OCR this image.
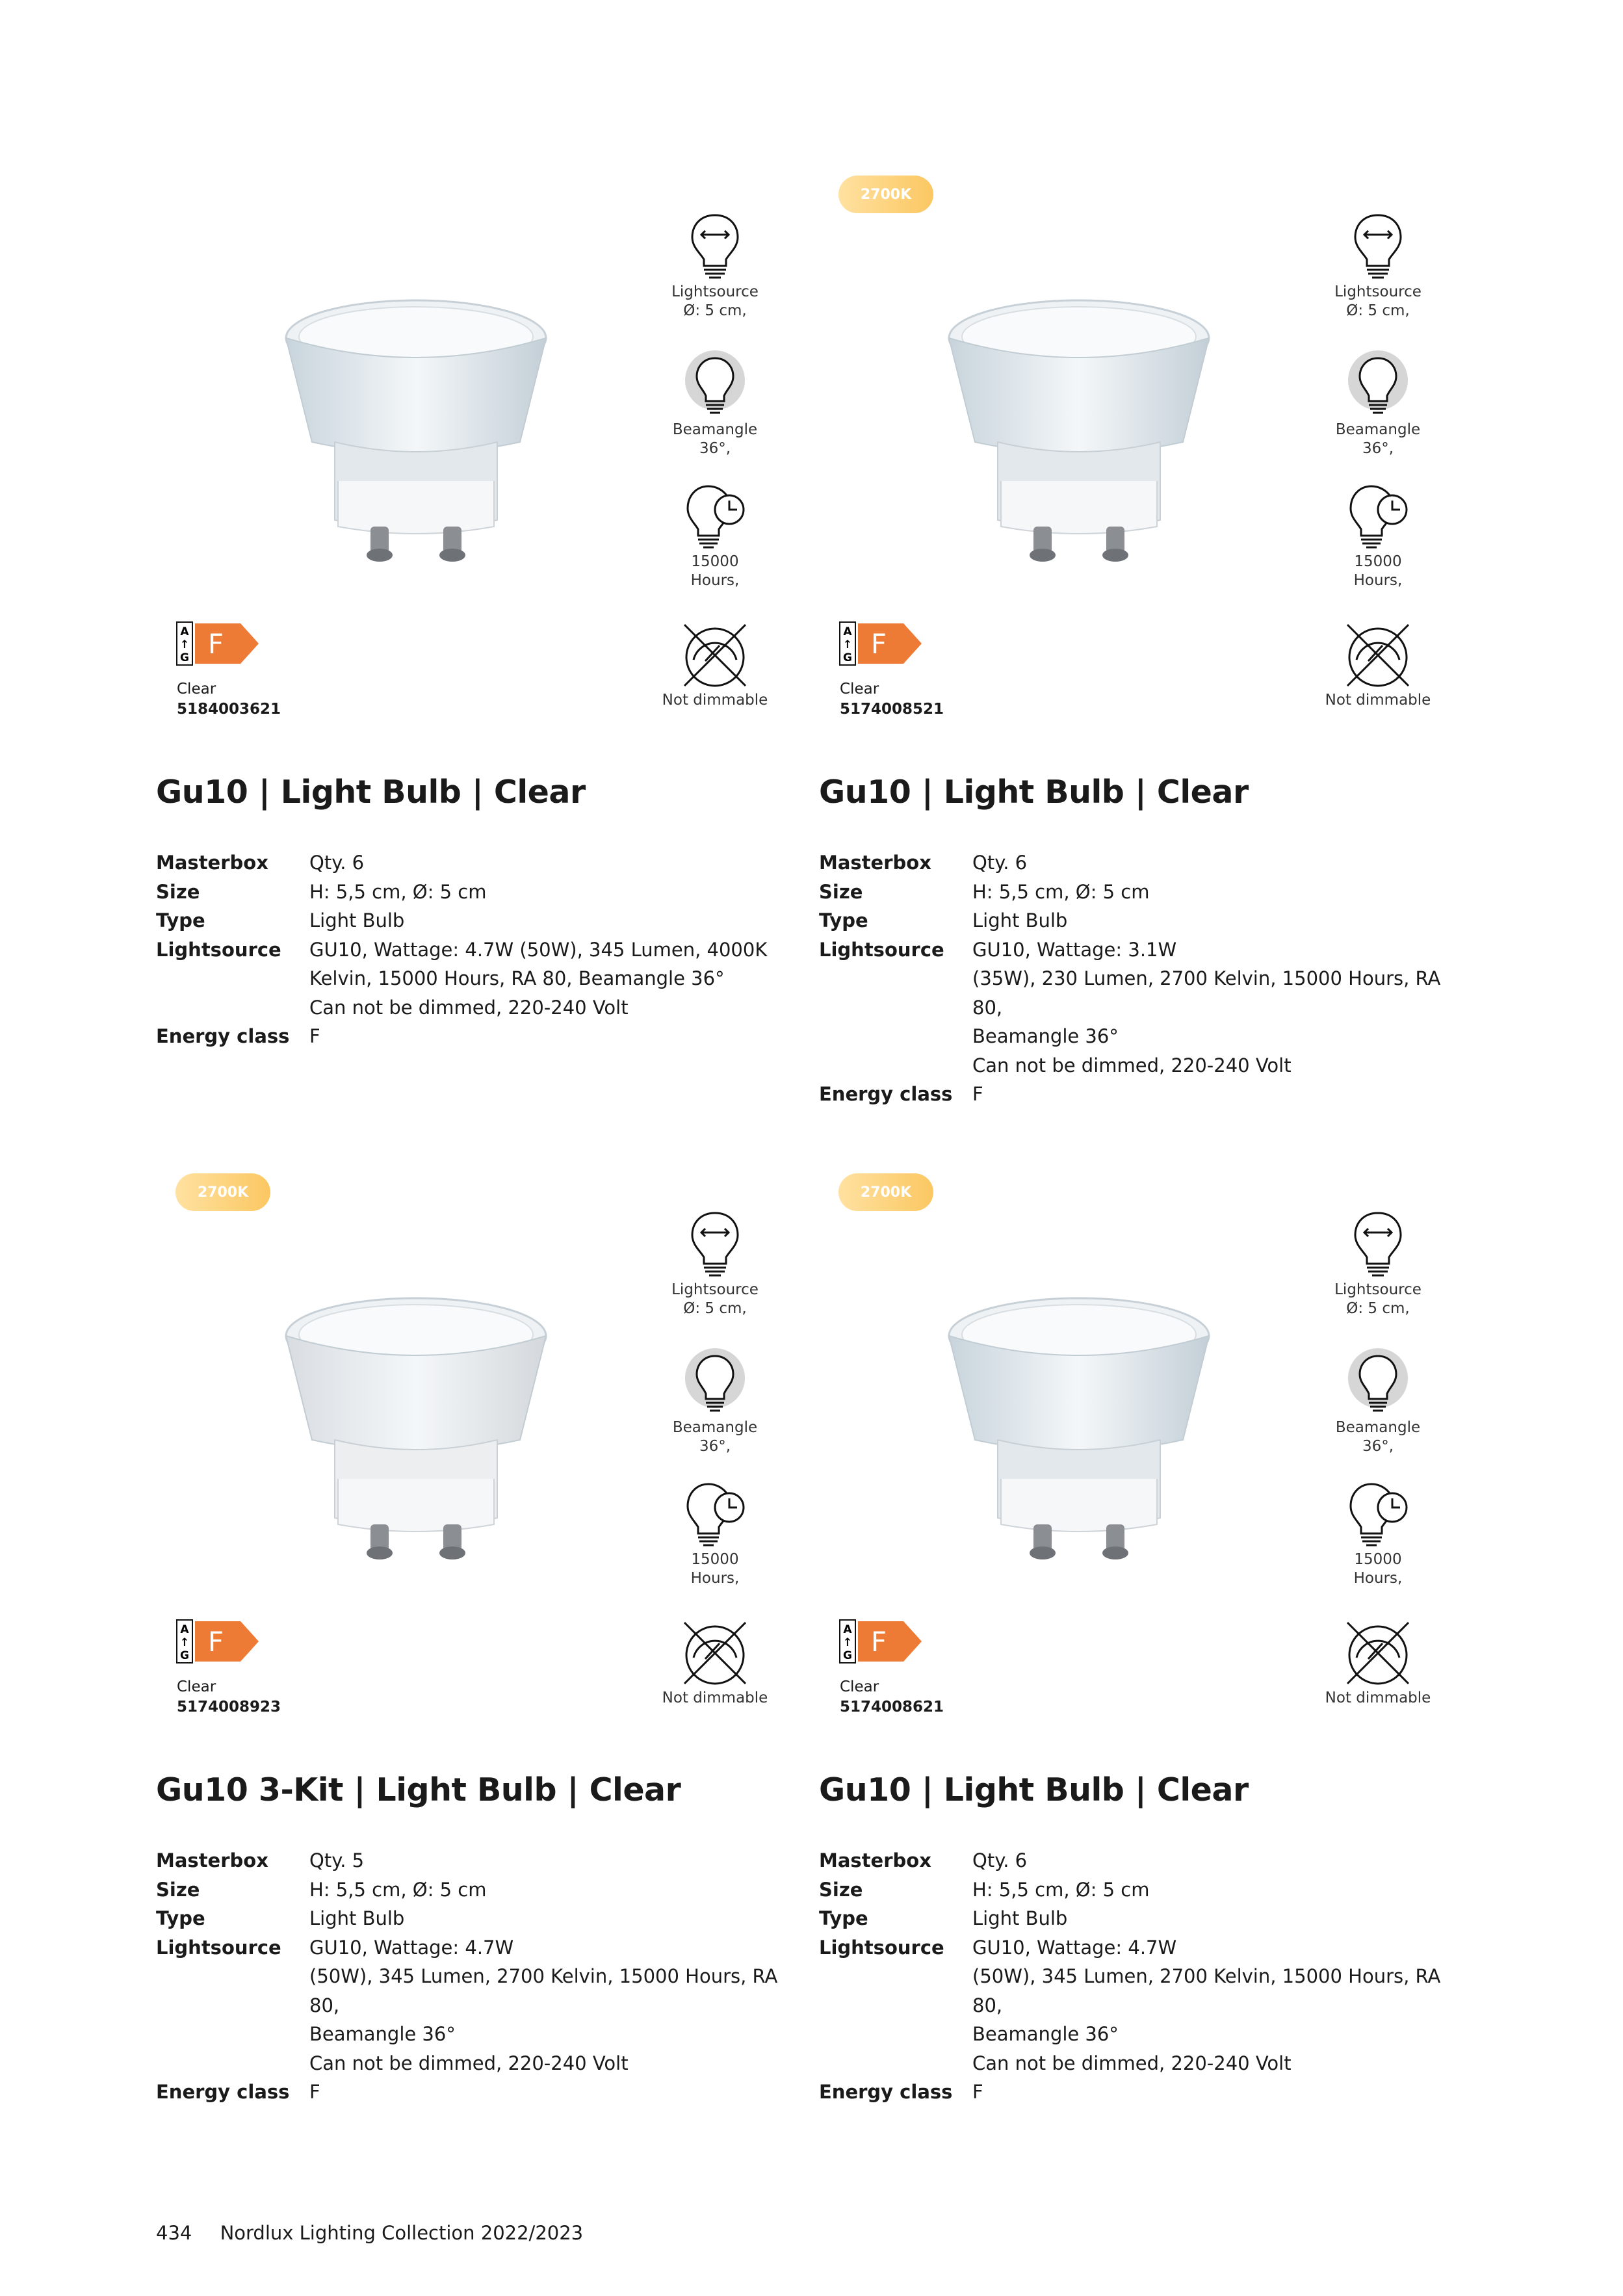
Lightsource
Ø: 5 cm,
Beamangle
36°,
15000
Hours,
Not dimmable
A
↑
G F
Clear
5184003621
Gu10 | Light Bulb | Clear
Masterbox	Qty. 6
Size	H: 5,5 cm, Ø: 5 cm
Type	Light Bulb
Lightsource	GU10, Wattage: 4.7W (50W), 345 Lumen, 4000K
Kelvin, 15000 Hours, RA 80, Beamangle 36°
Can not be dimmed, 220-240 Volt
Energy class	F
2700K
Lightsource
Ø: 5 cm,
Beamangle
36°,
15000
Hours,
Not dimmable
A
↑
G F
Clear
5174008521
Gu10 | Light Bulb | Clear
Masterbox	Qty. 6
Size	H: 5,5 cm, Ø: 5 cm
Type	Light Bulb
Lightsource	GU10, Wattage: 3.1W
(35W), 230 Lumen, 2700 Kelvin, 15000 Hours, RA 80,
Beamangle 36°
Can not be dimmed, 220-240 Volt
Energy class	F
2700K
Lightsource
Ø: 5 cm,
Beamangle
36°,
15000
Hours,
Not dimmable
A
↑
G F
Clear
5174008923
Gu10 3-Kit | Light Bulb | Clear
Masterbox	Qty. 5
Size	H: 5,5 cm, Ø: 5 cm
Type	Light Bulb
Lightsource	GU10, Wattage: 4.7W
(50W), 345 Lumen, 2700 Kelvin, 15000 Hours, RA 80,
Beamangle 36°
Can not be dimmed, 220-240 Volt
Energy class	F
2700K
Lightsource
Ø: 5 cm,
Beamangle
36°,
15000
Hours,
Not dimmable
A
↑
G F
Clear
5174008621
Gu10 | Light Bulb | Clear
Masterbox	Qty. 6
Size	H: 5,5 cm, Ø: 5 cm
Type	Light Bulb
Lightsource	GU10, Wattage: 4.7W
(50W), 345 Lumen, 2700 Kelvin, 15000 Hours, RA 80,
Beamangle 36°
Can not be dimmed, 220-240 Volt
Energy class	F
434 Nordlux Lighting Collection 2022/2023
